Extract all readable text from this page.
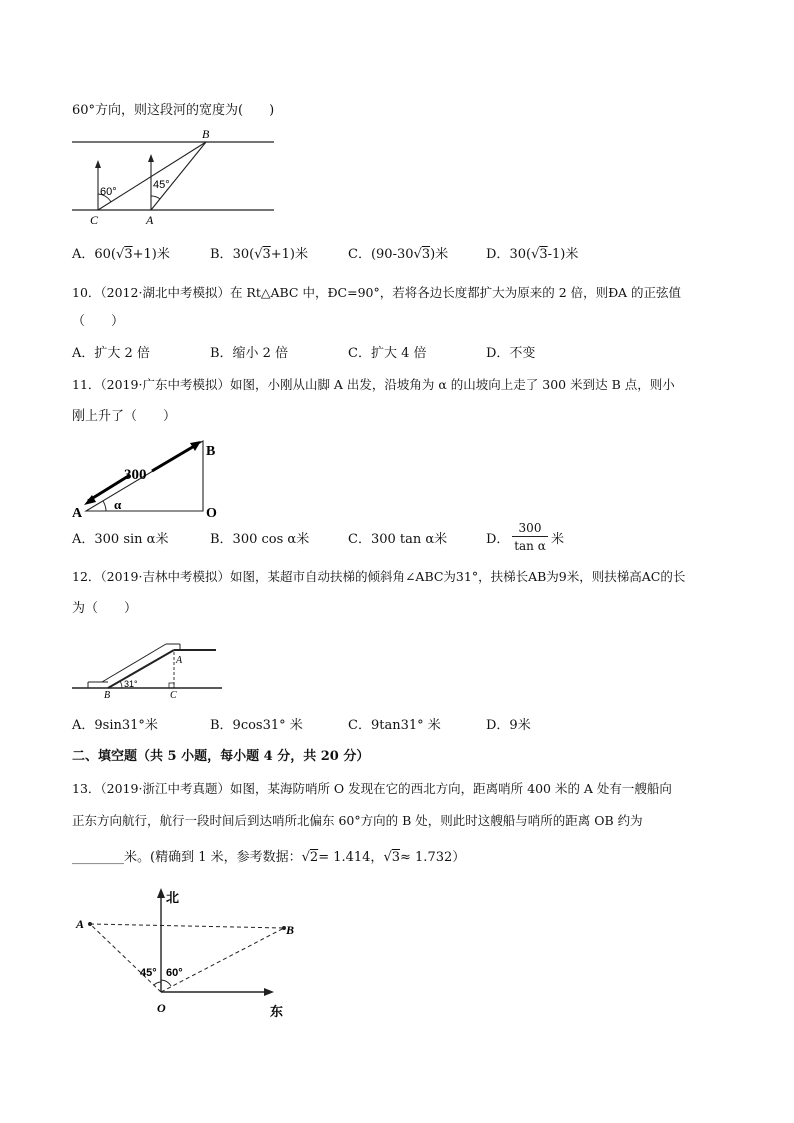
60°方向，则这段河的宽度为(　　)
60°
45°
B
C	A
A．60(√3+1)米	B．30(√3+1)米	C．(90-30√3)米	D．30(√3-1)米
10．（2012·湖北中考模拟）在 Rt△ABC 中，ÐC=90°，若将各边长度都扩大为原来的 2 倍，则ÐA 的正弦值
（　　）
A．扩大 2 倍	B．缩小 2 倍	C．扩大 4 倍	D．不变
11．（2019·广东中考模拟）如图，小刚从山脚 A 出发，沿坡角为 α 的山坡向上走了 300 米到达 B 点，则小
刚上升了（　　）
300
A
B
O
α
A．300 sin α米	B．300 cos α米	C．300 tan α米	D．
300
tan α 米
12．（2019·吉林中考模拟）如图，某超市自动扶梯的倾斜角∠ABC为31°，扶梯长AB为9米，则扶梯高AC的长
为（　　）
A
B	C
31°
A．9sin31°米	B．9cos31° 米	C．9tan31° 米	D．9米
二、填空题（共 5 小题，每小题 4 分，共 20 分）
13．（2019·浙江中考真题）如图，某海防哨所 O 发现在它的西北方向，距离哨所 400 米的 A 处有一艘船向
正东方向航行，航行一段时间后到达哨所北偏东 60°方向的 B 处，则此时这艘船与哨所的距离 OB 约为
________米。(精确到 1 米，参考数据：√2= 1.414，√3≈ 1.732）
北
东
A	B
O
45° 60°
